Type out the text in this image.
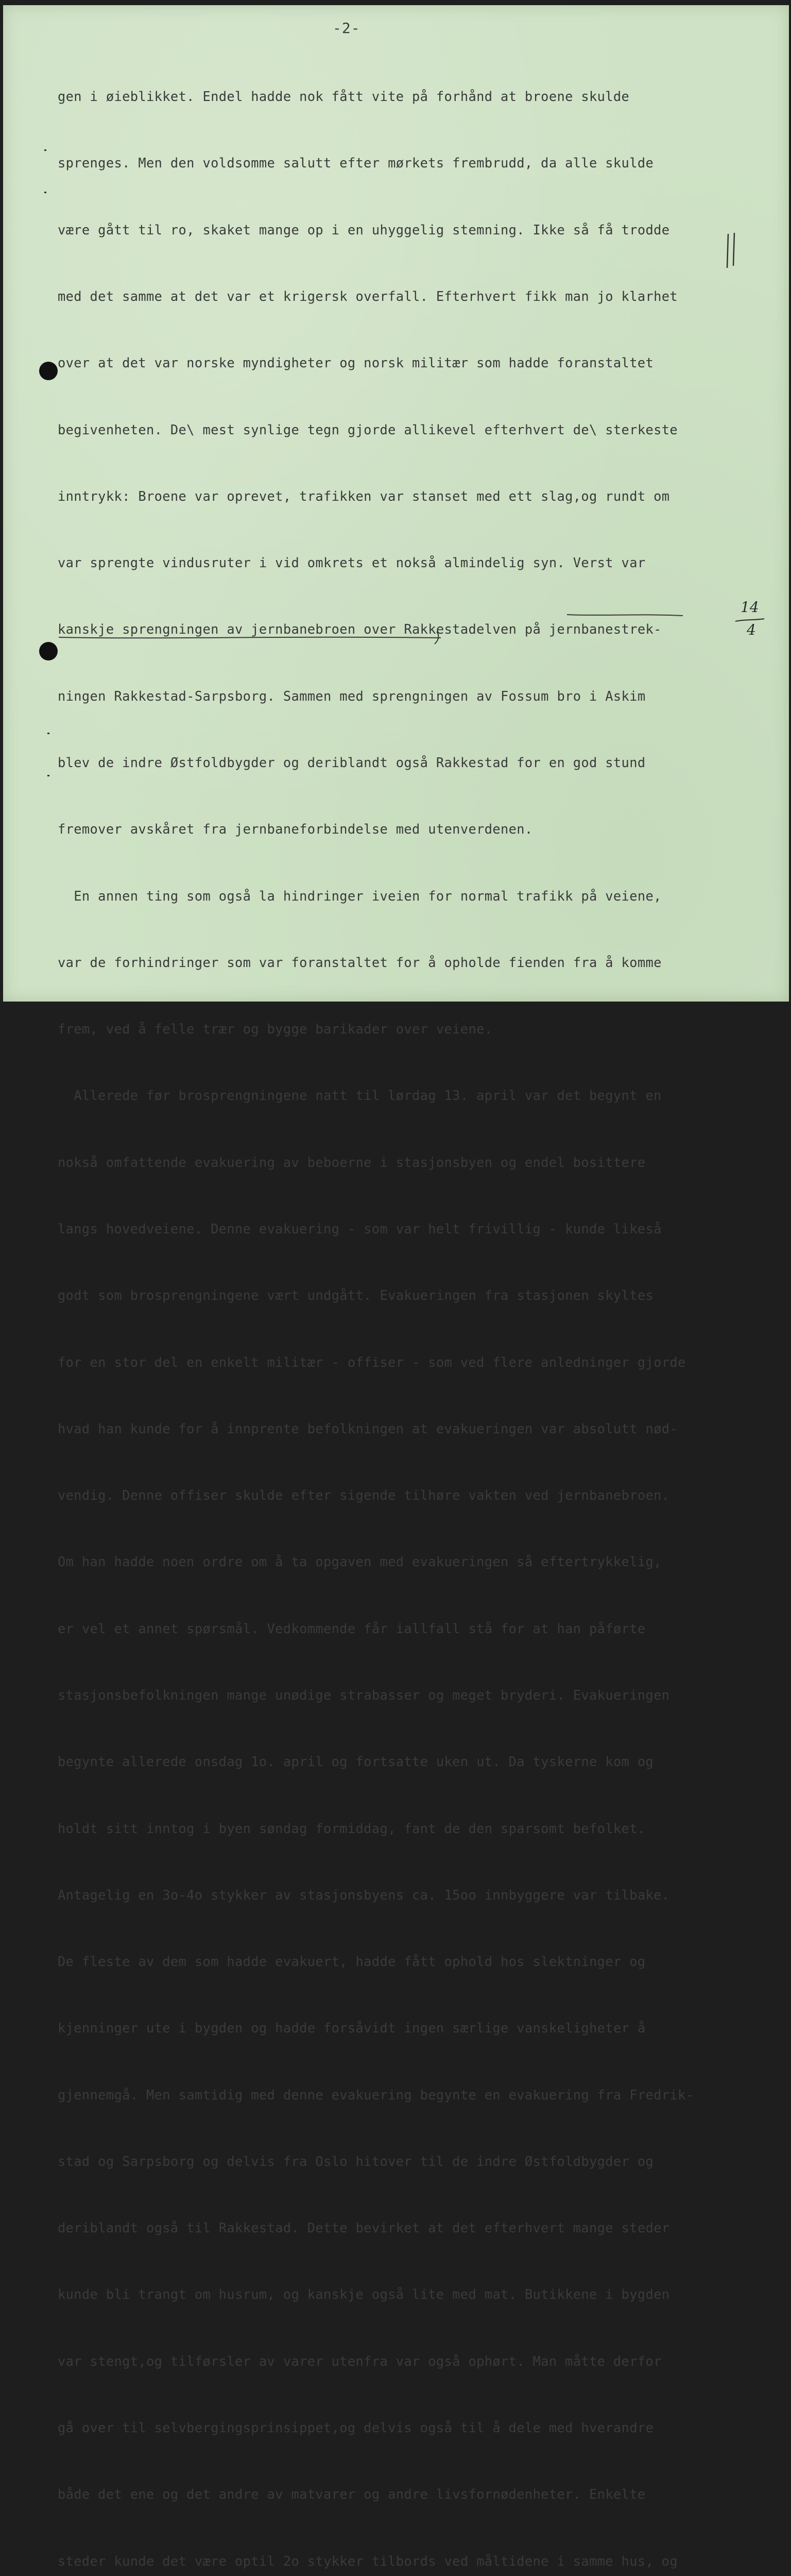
-2-

gen i øieblikket. Endel hadde nok fått vite på forhånd at broene skulde

sprenges. Men den voldsomme salutt efter mørkets frembrudd, da alle skulde

være gått til ro, skaket mange op i en uhyggelig stemning. Ikke så få trodde

med det samme at det var et krigersk overfall. Efterhvert fikk man jo klarhet

over at det var norske myndigheter og norsk militær som hadde foranstaltet

begivenheten. De\ mest synlige tegn gjorde allikevel efterhvert de\ sterkeste

inntrykk: Broene var oprevet, trafikken var stanset med ett slag,og rundt om

var sprengte vindusruter i vid omkrets et nokså almindelig syn. Verst var

kanskje sprengningen av jernbanebroen over Rakkestadelven på jernbanestrek-

ningen Rakkestad-Sarpsborg. Sammen med sprengningen av Fossum bro i Askim

blev de indre Østfoldbygder og deriblandt også Rakkestad for en god stund

fremover avskåret fra jernbaneforbindelse med utenverdenen.

En annen ting som også la hindringer iveien for normal trafikk på veiene,

var de forhindringer som var foranstaltet for å opholde fienden fra å komme

frem, ved å felle trær og bygge barikader over veiene.

Allerede før brosprengningene natt til lørdag 13. april var det begynt en

nokså omfattende evakuering av beboerne i stasjonsbyen og endel bosittere

langs hovedveiene. Denne evakuering - som var helt frivillig - kunde likeså

godt som brosprengningene vært undgått. Evakueringen fra stasjonen skyltes

for en stor del en enkelt militær - offiser - som ved flere anledninger gjorde

hvad han kunde for å innprente befolkningen at evakueringen var absolutt nød-

vendig. Denne offiser skulde efter sigende tilhøre vakten ved jernbanebroen.

Om han hadde noen ordre om å ta opgaven med evakueringen så eftertrykkelig,

er vel et annet spørsmål. Vedkommende får iallfall stå for at han påførte

stasjonsbefolkningen mange unødige strabasser og meget bryderi. Evakueringen

begynte allerede onsdag 1o. april og fortsatte uken ut. Da tyskerne kom og

holdt sitt inntog i byen søndag formiddag, fant de den sparsomt befolket.

Antagelig en 3o-4o stykker av stasjonsbyens ca. 15oo innbyggere var tilbake.

De fleste av dem som hadde evakuert, hadde fått ophold hos slektninger og

kjenninger ute i bygden og hadde forsåvidt ingen særlige vanskeligheter å

gjennemgå. Men samtidig med denne evakuering begynte en evakuering fra Fredrik-

stad og Sarpsborg og delvis fra Oslo hitover til de indre Østfoldbygder og

deriblandt også til Rakkestad. Dette bevirket at det efterhvert mange steder

kunde bli trangt om husrum, og kanskje også lite med mat. Butikkene i bygden

var stengt,og tilførsler av varer utenfra var også ophørt. Man måtte derfor

gå over til selvbergingsprinsippet,og delvis også til å dele med hverandre

både det ene og det andre av matvarer og andre livsfornødenheter. Enkelte

steder kunde det være optil 2o stykker tilbords ved måltidene i samme hus, og

14
4
